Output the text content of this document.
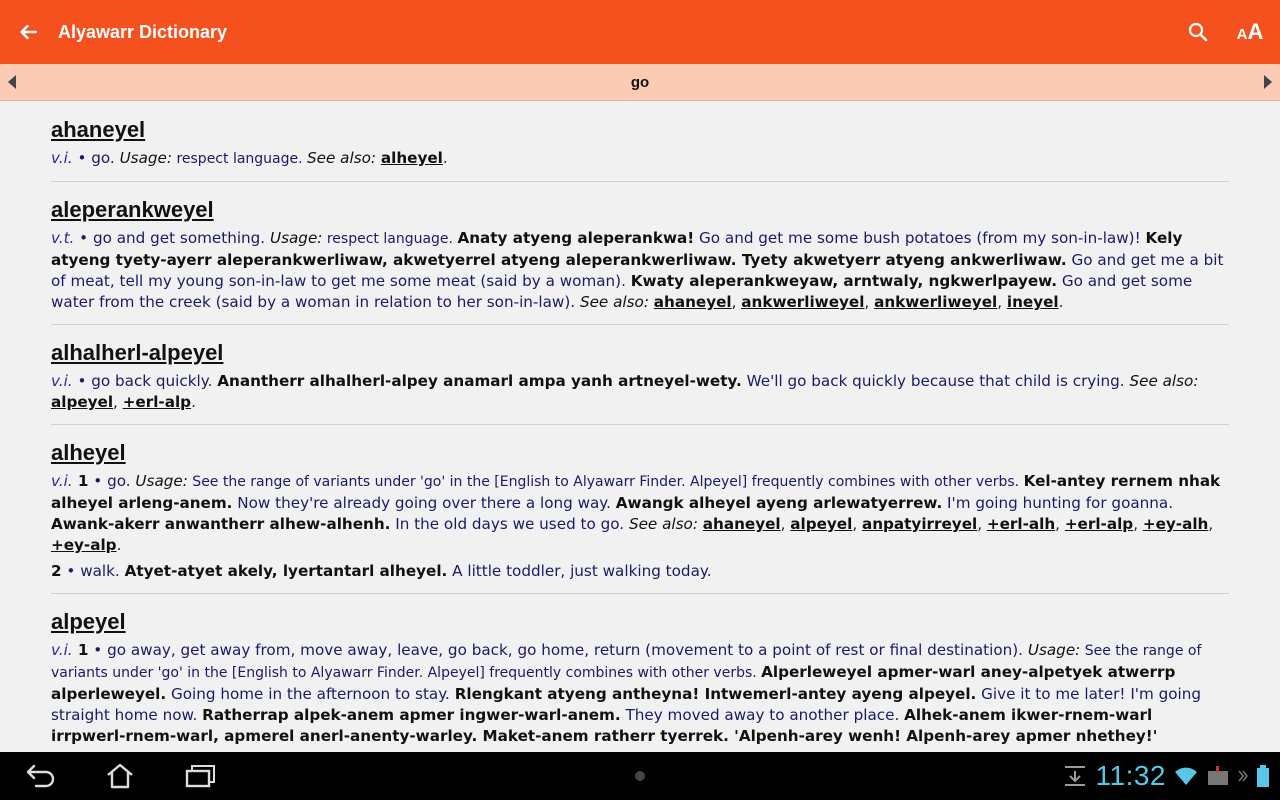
Alyawarr Dictionary	AA
go
ahaneyel
v.i. • go. Usage: respect language. See also: alheyel.
aleperankweyel
v.t. • go and get something. Usage: respect language. Anaty atyeng aleperankwa! Go and get me some bush potatoes (from my son-in-law)! Kely atyeng tyety-ayerr aleperankwerliwaw, akwetyerrel atyeng aleperankwerliwaw. Tyety akwetyerr atyeng ankwerliwaw. Go and get me a bit of meat, tell my young son-in-law to get me some meat (said by a woman). Kwaty aleperankweyaw, arntwaly, ngkwerlpayew. Go and get some water from the creek (said by a woman in relation to her son-in-law). See also: ahaneyel, ankwerliweyel, ankwerliweyel, ineyel.
alhalherl-alpeyel
v.i. • go back quickly. Anantherr alhalherl-alpey anamarl ampa yanh artneyel-wety. We'll go back quickly because that child is crying. See also: alpeyel, +erl-alp.
alheyel
v.i. 1 • go. Usage: See the range of variants under 'go' in the [English to Alyawarr Finder. Alpeyel] frequently combines with other verbs. Kel-antey rernem nhak alheyel arleng-anem. Now they're already going over there a long way. Awangk alheyel ayeng arlewatyerrew. I'm going hunting for goanna. Awank-akerr anwantherr alhew-alhenh. In the old days we used to go. See also: ahaneyel, alpeyel, anpatyirreyel, +erl-alh, +erl-alp, +ey-alh, +ey-alp.
2 • walk. Atyet-atyet akely, lyertantarl alheyel. A little toddler, just walking today.
alpeyel
v.i. 1 • go away, get away from, move away, leave, go back, go home, return (movement to a point of rest or final destination). Usage: See the range of variants under 'go' in the [English to Alyawarr Finder. Alpeyel] frequently combines with other verbs. Alperleweyel apmer-warl aney-alpetyek atwerrp alperleweyel. Going home in the afternoon to stay. Rlengkant atyeng antheyna! Intwemerl-antey ayeng alpeyel. Give it to me later! I'm going straight home now. Ratherrap alpek-anem apmer ingwer-warl-anem. They moved away to another place. Alhek-anem ikwer-rnem-warl irrpwerl-rnem-warl, apmerel anerl-anenty-warley. Maket-anem ratherr tyerrek. 'Alpenh-arey wenh! Alpenh-arey apmer nhethey!'
11:32
